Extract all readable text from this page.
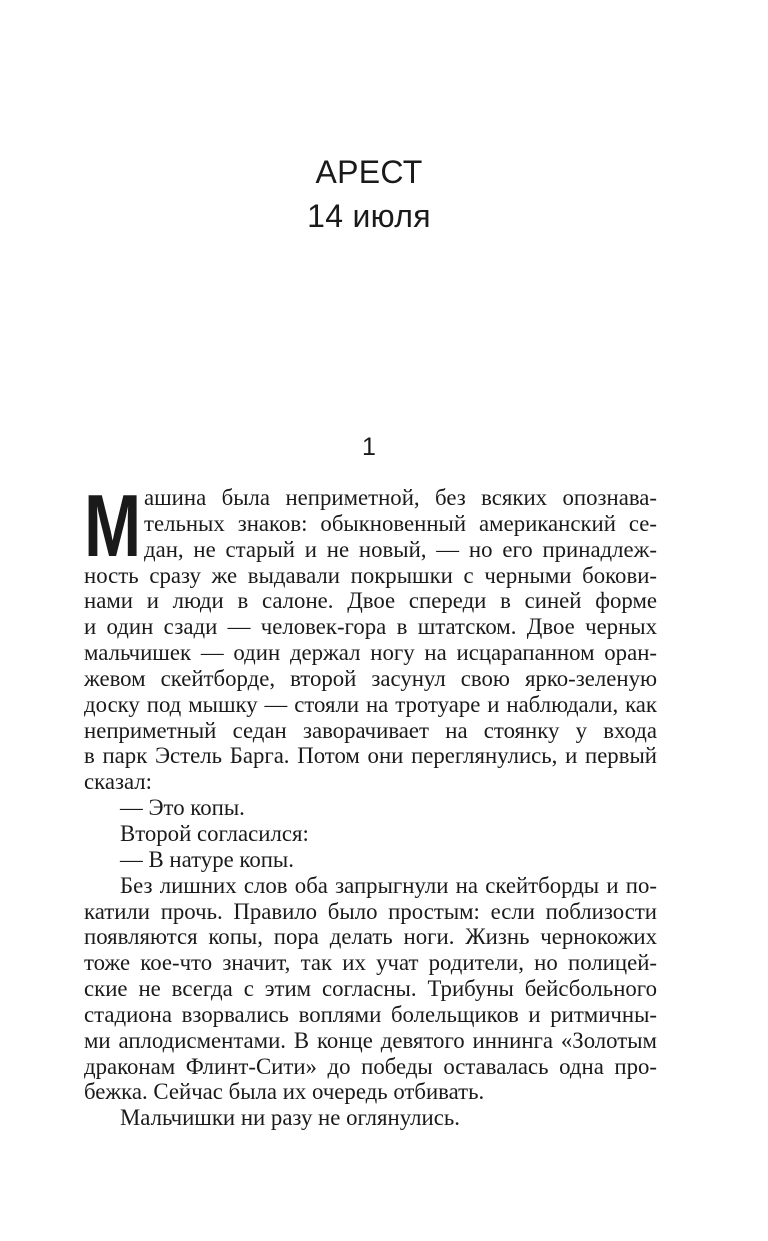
АРЕСТ
14 июля
1
М ашина была неприметной, без всяких опознава-
тельных знаков: обыкновенный американский се-
дан, не старый и не новый, — но его принадлеж-
ность сразу же выдавали покрышки с черными бокови-
нами и люди в салоне. Двое спереди в синей форме
и один сзади — человек-гора в штатском. Двое черных
мальчишек — один держал ногу на исцарапанном оран-
жевом скейтборде, второй засунул свою ярко-зеленую
доску под мышку — стояли на тротуаре и наблюдали, как
неприметный седан заворачивает на стоянку у входа
в парк Эстель Барга. Потом они переглянулись, и первый
сказал:
— Это копы.
Второй согласился:
— В натуре копы.
Без лишних слов оба запрыгнули на скейтборды и по-
катили прочь. Правило было простым: если поблизости
появляются копы, пора делать ноги. Жизнь чернокожих
тоже кое-что значит, так их учат родители, но полицей-
ские не всегда с этим согласны. Трибуны бейсбольного
стадиона взорвались воплями болельщиков и ритмичны-
ми аплодисментами. В конце девятого иннинга «Золотым
драконам Флинт-Сити» до победы оставалась одна про-
бежка. Сейчас была их очередь отбивать.
Мальчишки ни разу не оглянулись.
